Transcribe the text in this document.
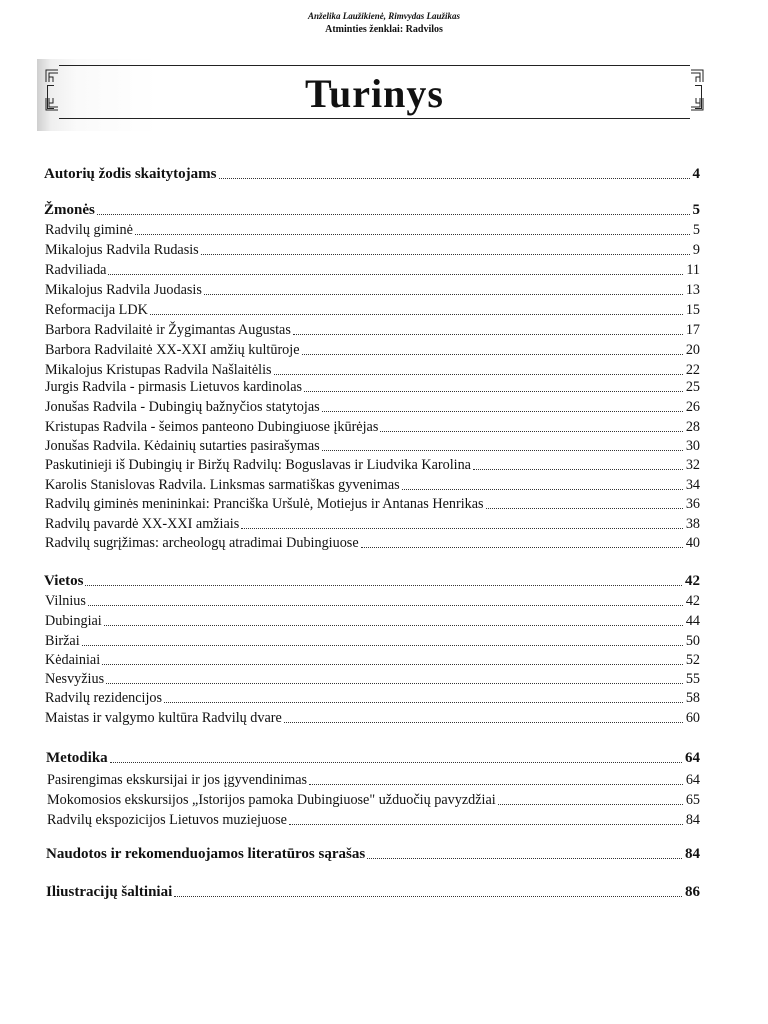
Anželika Laužikienė, Rimvydas Laužikas
Atminties ženklai: Radvilos
Turinys
Autorių žodis skaitytojams	4
Žmonės	5
Radvilų giminė	5
Mikalojus Radvila Rudasis	9
Radviliada	11
Mikalojus Radvila Juodasis	13
Reformacija LDK	15
Barbora Radvilaitė ir Žygimantas Augustas	17
Barbora Radvilaitė XX-XXI amžių kultūroje	20
Mikalojus Kristupas Radvila Našlaitėlis	22
Jurgis Radvila - pirmasis Lietuvos kardinolas	25
Jonušas Radvila - Dubingių bažnyčios statytojas	26
Kristupas Radvila - šeimos panteono Dubingiuose įkūrėjas	28
Jonušas Radvila. Kėdainių sutarties pasirašymas	30
Paskutinieji iš Dubingių ir Biržų Radvilų: Boguslavas ir Liudvika Karolina	32
Karolis Stanislovas Radvila. Linksmas sarmatiškas gyvenimas	34
Radvilų giminės menininkai: Pranciška Uršulė, Motiejus ir Antanas Henrikas	36
Radvilų pavardė XX-XXI amžiais	38
Radvilų sugrįžimas: archeologų atradimai Dubingiuose	40
Vietos	42
Vilnius	42
Dubingiai	44
Biržai	50
Kėdainiai	52
Nesvyžius	55
Radvilų rezidencijos	58
Maistas ir valgymo kultūra Radvilų dvare	60
Metodika	64
Pasirengimas ekskursijai ir jos įgyvendinimas	64
Mokomosios ekskursijos „Istorijos pamoka Dubingiuose" užduočių pavyzdžiai	65
Radvilų ekspozicijos Lietuvos muziejuose	84
Naudotos ir rekomenduojamos literatūros sąrašas	84
Iliustracijų šaltiniai	86
